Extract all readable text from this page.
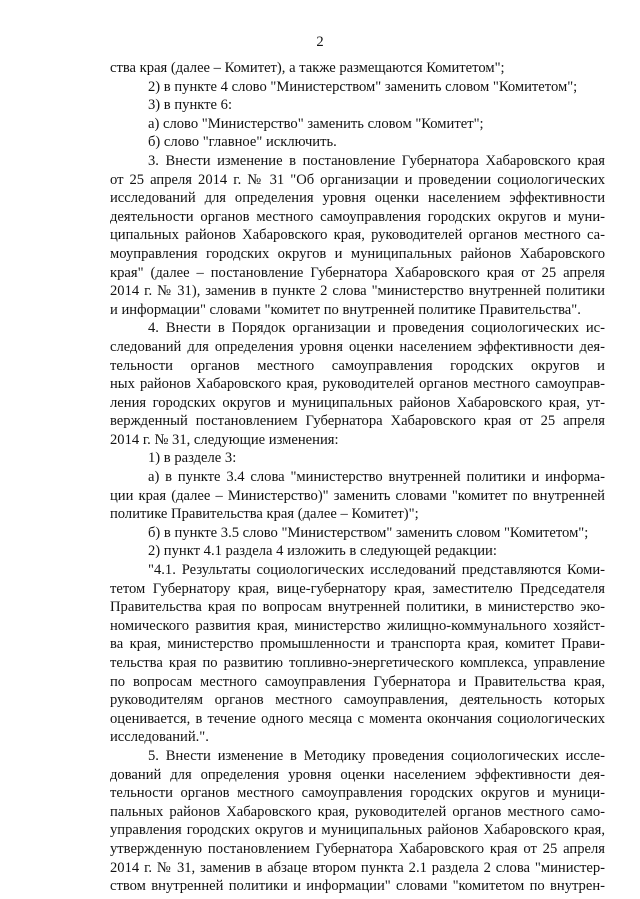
2
ства края (далее – Комитет), а также размещаются Комитетом";
2) в пункте 4 слово "Министерством" заменить словом "Комитетом";
3) в пункте 6:
а) слово "Министерство" заменить словом "Комитет";
б) слово "главное" исключить.
3. Внести изменение в постановление Губернатора Хабаровского края
от 25 апреля 2014 г. № 31 "Об организации и проведении социологических
исследований для определения уровня оценки населением эффективности
деятельности органов местного самоуправления городских округов и муни-
ципальных районов Хабаровского края, руководителей органов местного са-
моуправления городских округов и муниципальных районов Хабаровского
края" (далее – постановление Губернатора Хабаровского края от 25 апреля
2014 г. № 31), заменив в пункте 2 слова "министерство внутренней политики
и информации" словами "комитет по внутренней политике Правительства".
4. Внести в Порядок организации и проведения социологических ис-
следований для определения уровня оценки населением эффективности дея-
тельности органов местного самоуправления городских округов и
ных районов Хабаровского края, руководителей органов местного самоуправ-
ления городских округов и муниципальных районов Хабаровского края, ут-
вержденный постановлением Губернатора Хабаровского края от 25 апреля
2014 г. № 31, следующие изменения:
1) в разделе 3:
а) в пункте 3.4 слова "министерство внутренней политики и информа-
ции края (далее – Министерство)" заменить словами "комитет по внутренней
политике Правительства края (далее – Комитет)";
б) в пункте 3.5 слово "Министерством" заменить словом "Комитетом";
2) пункт 4.1 раздела 4 изложить в следующей редакции:
"4.1. Результаты социологических исследований представляются Коми-
тетом Губернатору края, вице-губернатору края, заместителю Председателя
Правительства края по вопросам внутренней политики, в министерство эко-
номического развития края, министерство жилищно-коммунального хозяйст-
ва края, министерство промышленности и транспорта края, комитет Прави-
тельства края по развитию топливно-энергетического комплекса, управление
по вопросам местного самоуправления Губернатора и Правительства края,
руководителям органов местного самоуправления, деятельность которых
оценивается, в течение одного месяца с момента окончания социологических
исследований.".
5. Внести изменение в Методику проведения социологических иссле-
дований для определения уровня оценки населением эффективности дея-
тельности органов местного самоуправления городских округов и муници-
пальных районов Хабаровского края, руководителей органов местного само-
управления городских округов и муниципальных районов Хабаровского края,
утвержденную постановлением Губернатора Хабаровского края от 25 апреля
2014 г. № 31, заменив в абзаце втором пункта 2.1 раздела 2 слова "министер-
ством внутренней политики и информации" словами "комитетом по внутрен-
